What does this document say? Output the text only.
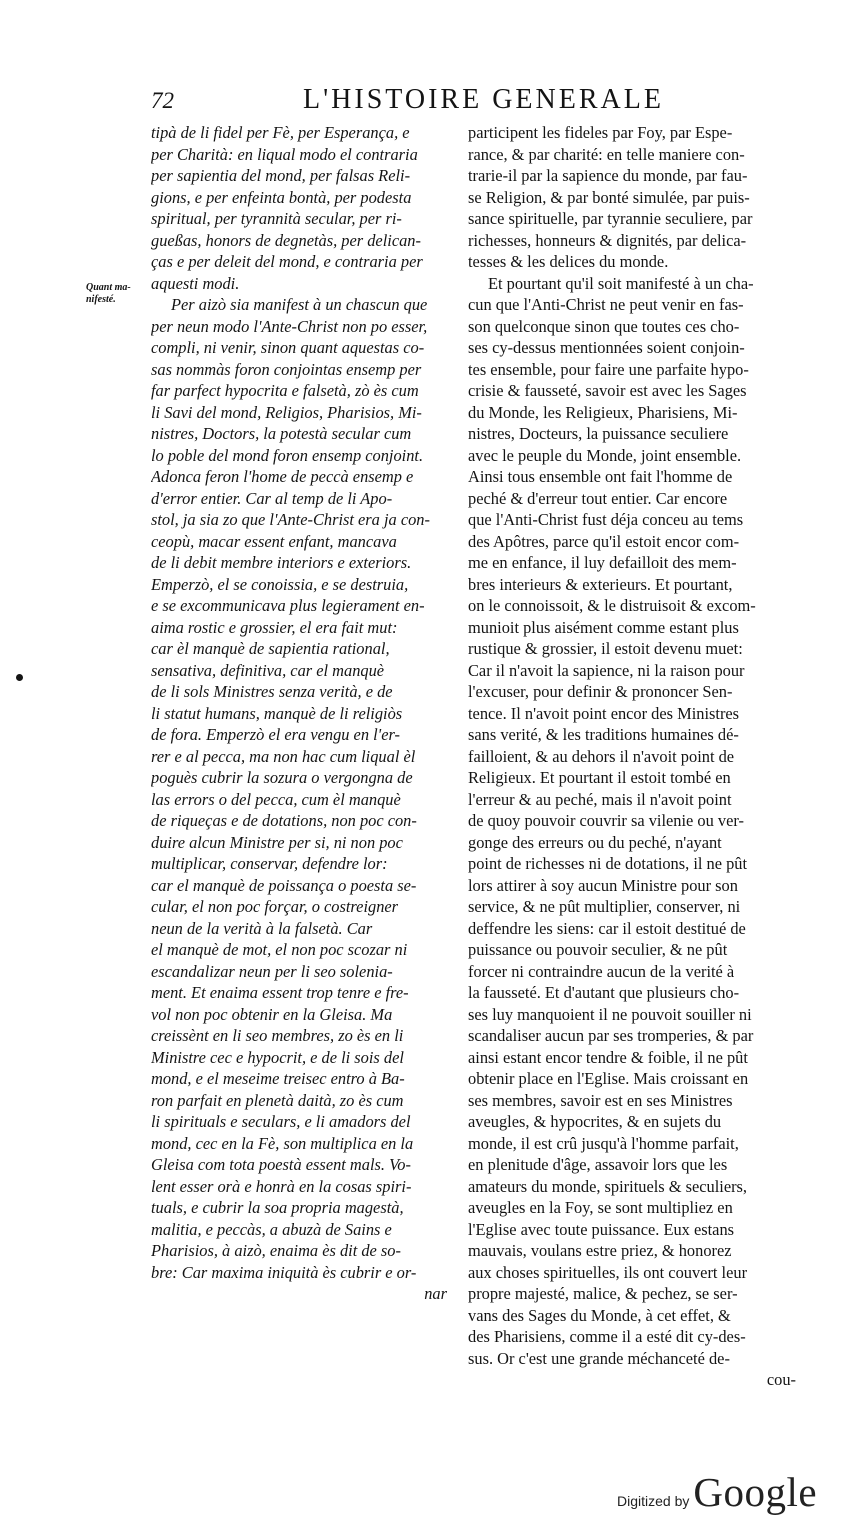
72	L'HISTOIRE GENERALE
Quant ma-
nifesté.
tipà de li fidel per Fè, per Esperança, e
per Charità: en liqual modo el contraria
per sapientia del mond, per falsas Reli-
gions, e per enfeinta bontà, per podesta
spiritual, per tyrannità secular, per ri-
gueßas, honors de degnetàs, per delican-
ças e per deleit del mond, e contraria per
aquesti modi.
Per aizò sia manifest à un chascun que
per neun modo l'Ante-Christ non po esser,
compli, ni venir, sinon quant aquestas co-
sas nommàs foron conjointas ensemp per
far parfect hypocrita e falsetà, zò ès cum
li Savi del mond, Religios, Pharisios, Mi-
nistres, Doctors, la potestà secular cum
lo poble del mond foron ensemp conjoint.
Adonca feron l'home de peccà ensemp e
d'error entier. Car al temp de li Apo-
stol, ja sia zo que l'Ante-Christ era ja con-
ceopù, macar essent enfant, mancava
de li debit membre interiors e exteriors.
Emperzò, el se conoissia, e se destruia,
e se excommunicava plus legierament en-
aima rostic e grossier, el era fait mut:
car èl manquè de sapientia rational,
sensativa, definitiva, car el manquè
de li sols Ministres senza verità, e de
li statut humans, manquè de li religiòs
de fora. Emperzò el era vengu en l'er-
rer e al pecca, ma non hac cum liqual èl
poguès cubrir la sozura o vergongna de
las errors o del pecca, cum èl manquè
de riqueças e de dotations, non poc con-
duire alcun Ministre per si, ni non poc
multiplicar, conservar, defendre lor:
car el manquè de poissança o poesta se-
cular, el non poc forçar, o costreigner
neun de la verità à la falsetà. Car
el manquè de mot, el non poc scozar ni
escandalizar neun per li seo soleniа-
ment. Et enaima essent trop tenre e fre-
vol non poc obtenir en la Gleisa. Ma
creissènt en li seo membres, zo ès en li
Ministre cec e hypocrit, e de li sois del
mond, e el meseime treisec entro à Ba-
ron parfait en plenetà daità, zo ès cum
li spirituals e seculars, e li amadors del
mond, cec en la Fè, son multiplica en la
Gleisa com tota poestà essent mals. Vo-
lent esser orà e honrà en la cosas spiri-
tuals, e cubrir la soa propria magestà,
malitia, e peccàs, a abuzà de Sains e
Pharisios, à aizò, enaima ès dit de so-
bre: Car maxima iniquità ès cubrir e or-
nar
participent les fideles par Foy, par Espe-
rance, & par charité: en telle maniere con-
trarie-il par la sapience du monde, par fau-
se Religion, & par bonté simulée, par puis-
sance spirituelle, par tyrannie seculiere, par
richesses, honneurs & dignités, par delica-
tesses & les delices du monde.
Et pourtant qu'il soit manifesté à un cha-
cun que l'Anti-Christ ne peut venir en fas-
son quelconque sinon que toutes ces cho-
ses cy-dessus mentionnées soient conjoin-
tes ensemble, pour faire une parfaite hypo-
crisie & fausseté, savoir est avec les Sages
du Monde, les Religieux, Pharisiens, Mi-
nistres, Docteurs, la puissance seculiere
avec le peuple du Monde, joint ensemble.
Ainsi tous ensemble ont fait l'homme de
peché & d'erreur tout entier. Car encore
que l'Anti-Christ fust déja conceu au tems
des Apôtres, parce qu'il estoit encor com-
me en enfance, il luy defailloit des mem-
bres interieurs & exterieurs. Et pourtant,
on le connoissoit, & le distruisoit & excom-
munioit plus aisément comme estant plus
rustique & grossier, il estoit devenu muet:
Car il n'avoit la sapience, ni la raison pour
l'excuser, pour definir & prononcer Sen-
tence. Il n'avoit point encor des Ministres
sans verité, & les traditions humaines dé-
failloient, & au dehors il n'avoit point de
Religieux. Et pourtant il estoit tombé en
l'erreur & au peché, mais il n'avoit point
de quoy pouvoir couvrir sa vilenie ou ver-
gonge des erreurs ou du peché, n'ayant
point de richesses ni de dotations, il ne pût
lors attirer à soy aucun Ministre pour son
service, & ne pût multiplier, conserver, ni
deffendre les siens: car il estoit destitué de
puissance ou pouvoir seculier, & ne pût
forcer ni contraindre aucun de la verité à
la fausseté. Et d'autant que plusieurs cho-
ses luy manquoient il ne pouvoit souiller ni
scandaliser aucun par ses tromperies, & par
ainsi estant encor tendre & foible, il ne pût
obtenir place en l'Eglise. Mais croissant en
ses membres, savoir est en ses Ministres
aveugles, & hypocrites, & en sujets du
monde, il est crû jusqu'à l'homme parfait,
en plenitude d'âge, assavoir lors que les
amateurs du monde, spirituels & seculiers,
aveugles en la Foy, se sont multipliez en
l'Eglise avec toute puissance. Eux estans
mauvais, voulans estre priez, & honorez
aux choses spirituelles, ils ont couvert leur
propre majesté, malice, & pechez, se ser-
vans des Sages du Monde, à cet effet, &
des Pharisiens, comme il a esté dit cy-des-
sus. Or c'est une grande méchanceté de-
cou-
Digitized by Google
